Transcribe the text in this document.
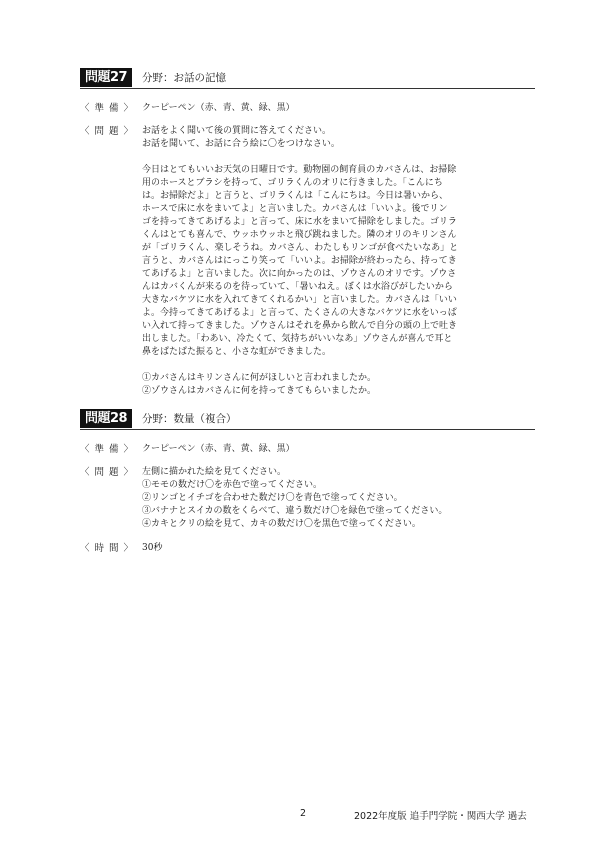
問題27	分野：お話の記憶
〈 準 備 〉 クーピーペン（赤、青、黄、緑、黒）
〈 問 題 〉 お話をよく聞いて後の質問に答えてください。
お話を聞いて、お話に合う絵に〇をつけなさい。
今日はとてもいいお天気の日曜日です。動物園の飼育員のカバさんは、お掃除
用のホースとブラシを持って、ゴリラくんのオリに行きました。「こんにち
は。お掃除だよ」と言うと、ゴリラくんは「こんにちは。今日は暑いから、
ホースで床に水をまいてよ」と言いました。カバさんは「いいよ。後でリン
ゴを持ってきてあげるよ」と言って、床に水をまいて掃除をしました。ゴリラ
くんはとても喜んで、ウッホウッホと飛び跳ねました。隣のオリのキリンさん
が「ゴリラくん、楽しそうね。カバさん、わたしもリンゴが食べたいなあ」と
言うと、カバさんはにっこり笑って「いいよ。お掃除が終わったら、持ってき
てあげるよ」と言いました。次に向かったのは、ゾウさんのオリです。ゾウさ
んはカバくんが来るのを待っていて、「暑いねえ。ぼくは水浴びがしたいから
大きなバケツに水を入れてきてくれるかい」と言いました。カバさんは「いい
よ。今持ってきてあげるよ」と言って、たくさんの大きなバケツに水をいっぱ
い入れて持ってきました。ゾウさんはそれを鼻から飲んで自分の頭の上で吐き
出しました。「わあい、冷たくて、気持ちがいいなあ」ゾウさんが喜んで耳と
鼻をぱたぱた振ると、小さな虹ができました。
①カバさんはキリンさんに何がほしいと言われましたか。
②ゾウさんはカバさんに何を持ってきてもらいましたか。
問題28	分野：数量（複合）
〈 準 備 〉 クーピーペン（赤、青、黄、緑、黒）
〈 問 題 〉 左側に描かれた絵を見てください。
①モモの数だけ〇を赤色で塗ってください。
②リンゴとイチゴを合わせた数だけ〇を青色で塗ってください。
③バナナとスイカの数をくらべて、違う数だけ〇を緑色で塗ってください。
④カキとクリの絵を見て、カキの数だけ〇を黒色で塗ってください。
〈 時 間 〉 30秒
2	2022年度版 追手門学院・関西大学 過去
